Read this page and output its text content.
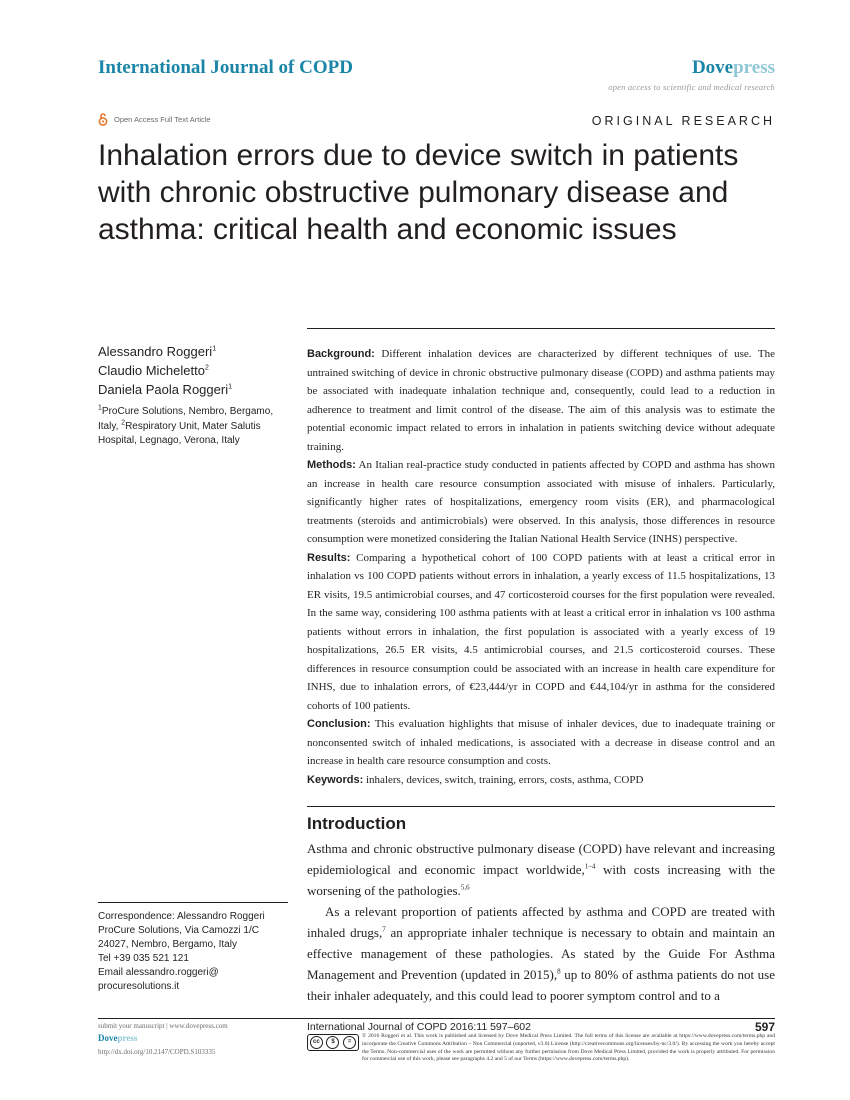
International Journal of COPD	Dovepress
open access to scientific and medical research
Open Access Full Text Article	ORIGINAL RESEARCH
Inhalation errors due to device switch in patients with chronic obstructive pulmonary disease and asthma: critical health and economic issues
Alessandro Roggeri$^1$
Claudio Micheletto$^2$
Daniela Paola Roggeri$^1$
$^1$ProCure Solutions, Nembro, Bergamo, Italy, $^2$Respiratory Unit, Mater Salutis Hospital, Legnago, Verona, Italy

Background: Different inhalation devices are characterized by different techniques of use. The untrained switching of device in chronic obstructive pulmonary disease (COPD) and asthma patients may be associated with inadequate inhalation technique and, consequently, could lead to a reduction in adherence to treatment and limit control of the disease. The aim of this analysis was to estimate the potential economic impact related to errors in inhalation in patients switching device without adequate training.

Methods: An Italian real-practice study conducted in patients affected by COPD and asthma has shown an increase in health care resource consumption associated with misuse of inhalers. Particularly, significantly higher rates of hospitalizations, emergency room visits (ER), and pharmacological treatments (steroids and antimicrobials) were observed. In this analysis, those differences in resource consumption were monetized considering the Italian National Health Service (INHS) perspective.

Results: Comparing a hypothetical cohort of 100 COPD patients with at least a critical error in inhalation vs 100 COPD patients without errors in inhalation, a yearly excess of 11.5 hospitalizations, 13 ER visits, 19.5 antimicrobial courses, and 47 corticosteroid courses for the first population were revealed. In the same way, considering 100 asthma patients with at least a critical error in inhalation vs 100 asthma patients without errors in inhalation, the first population is associated with a yearly excess of 19 hospitalizations, 26.5 ER visits, 4.5 antimicrobial courses, and 21.5 corticosteroid courses. These differences in resource consumption could be associated with an increase in health care expenditure for INHS, due to inhalation errors, of €23,444/yr in COPD and €44,104/yr in asthma for the considered cohorts of 100 patients.

Conclusion: This evaluation highlights that misuse of inhaler devices, due to inadequate training or nonconsented switch of inhaled medications, is associated with a decrease in disease control and an increase in health care resource consumption and costs.

Keywords: inhalers, devices, switch, training, errors, costs, asthma, COPD

Introduction

Asthma and chronic obstructive pulmonary disease (COPD) have relevant and increasing epidemiological and economic impact worldwide,$^{1-4}$ with costs increasing with the worsening of the pathologies.$^{5,6}$

As a relevant proportion of patients affected by asthma and COPD are treated with inhaled drugs,$^7$ an appropriate inhaler technique is necessary to obtain and maintain an effective management of these pathologies. As stated by the Guide For Asthma Management and Prevention (updated in 2015),$^8$ up to 80% of asthma patients do not use their inhaler adequately, and this could lead to poorer symptom control and to a

Correspondence: Alessandro Roggeri
ProCure Solutions, Via Camozzi 1/C
24027, Nembro, Bergamo, Italy
Tel +39 035 521 121
Email alessandro.roggeri@
procuresolutions.it
submit your manuscript | www.dovepress.com
Dovepress
http://dx.doi.org/10.2147/COPD.S103335
International Journal of COPD 2016:11 597–602	597
cc	$	=
© 2016 Roggeri et al. This work is published and licensed by Dove Medical Press Limited. The full terms of this license are available at https://www.dovepress.com/terms.php and incorporate the Creative Commons Attribution – Non Commercial (unported, v3.0) License (http://creativecommons.org/licenses/by-nc/3.0/). By accessing the work you hereby accept the Terms. Non-commercial uses of the work are permitted without any further permission from Dove Medical Press Limited, provided the work is properly attributed. For permission for commercial use of this work, please see paragraphs 4.2 and 5 of our Terms (https://www.dovepress.com/terms.php).
